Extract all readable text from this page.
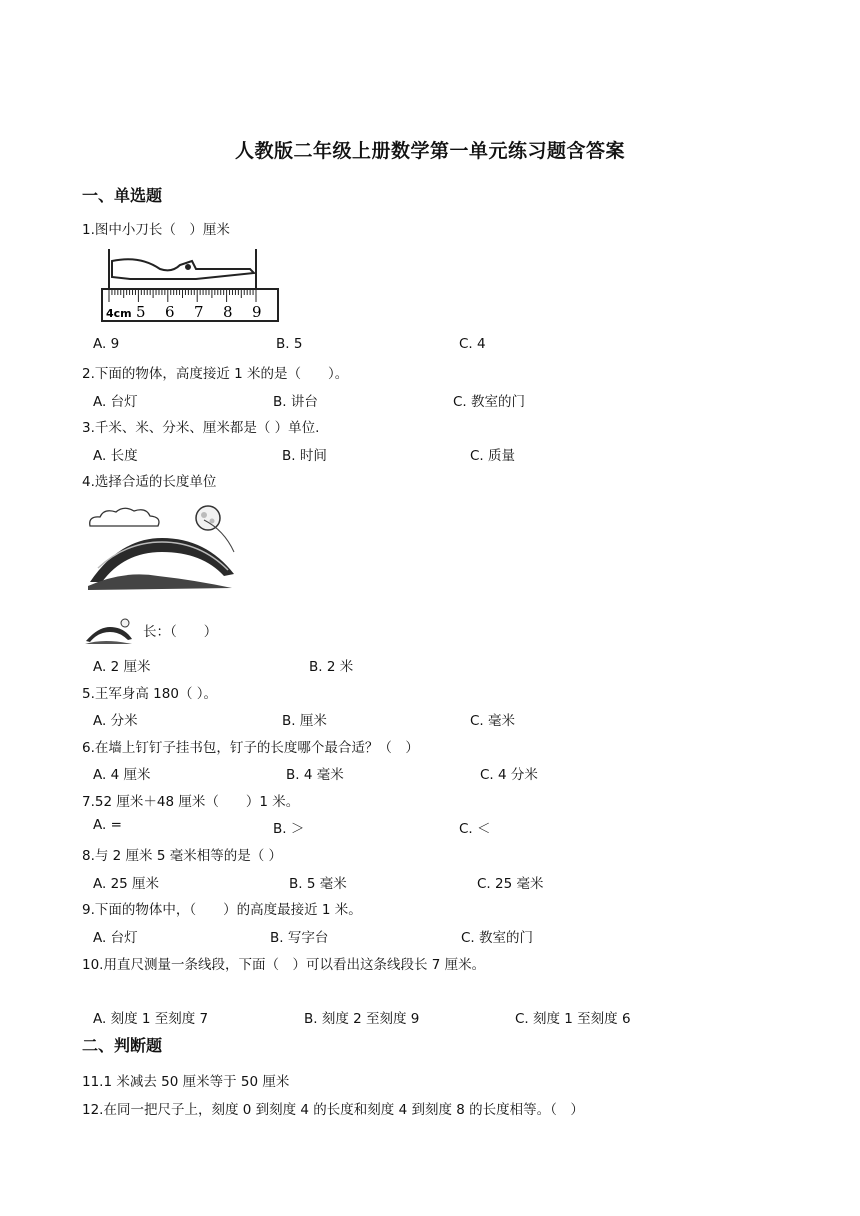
人教版二年级上册数学第一单元练习题含答案
一、单选题
1.图中小刀长（　）厘米
4cm 5 6 7 8 9
A. 9	B. 5	C. 4
2.下面的物体，高度接近 1 米的是（　　）。
A. 台灯	B. 讲台	C. 教室的门
3.千米、米、分米、厘米都是（ ）单位.
A. 长度	B. 时间	C. 质量
4.选择合适的长度单位
长：（　　）
A. 2 厘米	B. 2 米
5.王军身高 180（ ）。
A. 分米	B. 厘米	C. 毫米
6.在墙上钉钉子挂书包，钉子的长度哪个最合适？（　）
A. 4 厘米	B. 4 毫米	C. 4 分米
7.52 厘米＋48 厘米（　　）1 米。
A. =	B. ＞	C. ＜
8.与 2 厘米 5 毫米相等的是（ ）
A. 25 厘米	B. 5 毫米	C. 25 毫米
9.下面的物体中，（　　）的高度最接近 1 米。
A. 台灯	B. 写字台	C. 教室的门
10.用直尺测量一条线段，下面（　）可以看出这条线段长 7 厘米。
A. 刻度 1 至刻度 7	B. 刻度 2 至刻度 9	C. 刻度 1 至刻度 6
二、判断题
11.1 米减去 50 厘米等于 50 厘米
12.在同一把尺子上，刻度 0 到刻度 4 的长度和刻度 4 到刻度 8 的长度相等。（　）
